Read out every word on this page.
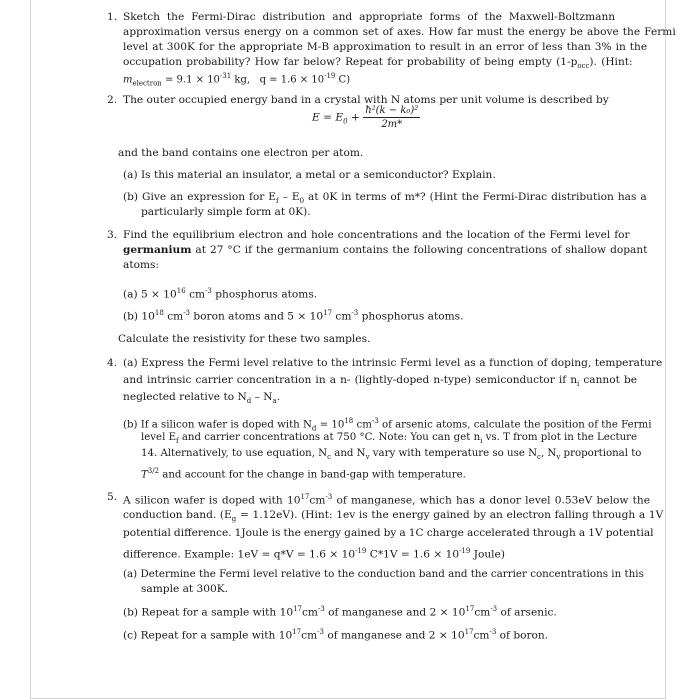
1. Sketch the Fermi-Dirac distribution and appropriate forms of the Maxwell-Boltzmann
approximation versus energy on a common set of axes. How far must the energy be above the Fermi
level at 300K for the appropriate M-B approximation to result in an error of less than 3% in the
occupation probability? How far below? Repeat for probability of being empty $(1-p_{occ})$. (Hint:
$m_{electron} = 9.1 \times 10^{-31}$ kg, $q = 1.6 \times 10^{-19}$ C)
2. The outer occupied energy band in a crystal with N atoms per unit volume is described by
$E = E_0 + \frac{\text{ħ²(k − k₀)²}}{2m*}$
and the band contains one electron per atom.
(a) Is this material an insulator, a metal or a semiconductor? Explain.
(b) Give an expression for $E_f - E_0$ at 0K in terms of m*? (Hint the Fermi-Dirac distribution has a
particularly simple form at 0K).
3. Find the equilibrium electron and hole concentrations and the location of the Fermi level for
germanium at 27 °C if the germanium contains the following concentrations of shallow dopant
atoms:
(a) $5 \times 10^{16}$ $cm^{-3}$ phosphorus atoms.
(b) $10^{18}$ $cm^{-3}$ boron atoms and $5 \times 10^{17}$ $cm^{-3}$ phosphorus atoms.
Calculate the resistivity for these two samples.
4. (a) Express the Fermi level relative to the intrinsic Fermi level as a function of doping, temperature
and intrinsic carrier concentration in a n- (lightly-doped n-type) semiconductor if $n_i$ cannot be
neglected relative to $N_d - N_a$.
(b) If a silicon wafer is doped with $N_d = 10^{18}$ $cm^{-3}$ of arsenic atoms, calculate the position of the Fermi
level $E_f$ and carrier concentrations at 750 °C. Note: You can get $n_i$ vs. T from plot in the Lecture
14. Alternatively, to use equation, $N_c$ and $N_v$ vary with temperature so use $N_c$, $N_v$ proportional to
$T^{3/2}$ and account for the change in band-gap with temperature.
5. A silicon wafer is doped with $10^{17}cm^{-3}$ of manganese, which has a donor level 0.53eV below the
conduction band. $(E_g = 1.12eV)$. (Hint: 1ev is the energy gained by an electron falling through a 1V
potential difference. 1Joule is the energy gained by a 1C charge accelerated through a 1V potential
difference. Example: $1eV = q*V = 1.6 \times 10^{-19}$ $C*1V = 1.6 \times 10^{-19}$ Joule)
(a) Determine the Fermi level relative to the conduction band and the carrier concentrations in this
sample at 300K.
(b) Repeat for a sample with $10^{17}cm^{-3}$ of manganese and $2 \times 10^{17}cm^{-3}$ of arsenic.
(c) Repeat for a sample with $10^{17}cm^{-3}$ of manganese and $2 \times 10^{17}cm^{-3}$ of boron.
